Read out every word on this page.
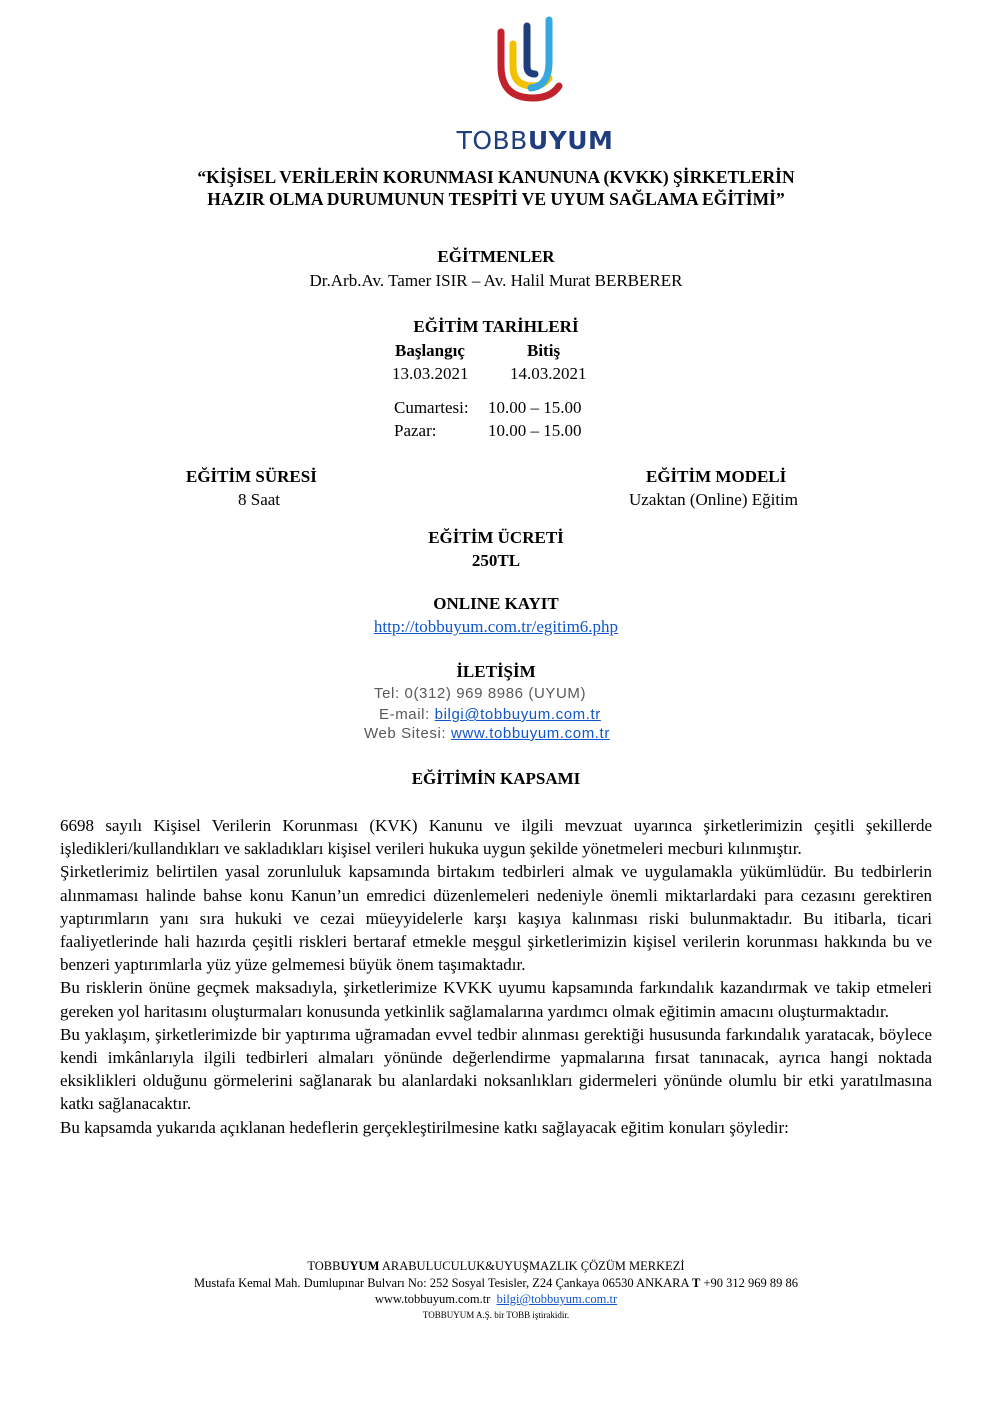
TOBBUYUM
“KİŞİSEL VERİLERİN KORUNMASI KANUNUNA (KVKK) ŞİRKETLERİN
HAZIR OLMA DURUMUNUN TESPİTİ VE UYUM SAĞLAMA EĞİTİMİ”
EĞİTMENLER
Dr.Arb.Av. Tamer ISIR – Av. Halil Murat BERBERER
EĞİTİM TARİHLERİ
Başlangıç	Bitiş
13.03.2021 14.03.2021
Cumartesi: 10.00 – 15.00
Pazar:	10.00 – 15.00
EĞİTİM SÜRESİ
8 Saat
EĞİTİM MODELİ
Uzaktan (Online) Eğitim
EĞİTİM ÜCRETİ
250TL
ONLINE KAYIT
http://tobbuyum.com.tr/egitim6.php
İLETİŞİM
Tel: 0(312) 969 8986 (UYUM)
E-mail: bilgi@tobbuyum.com.tr
Web Sitesi: www.tobbuyum.com.tr
EĞİTİMİN KAPSAMI

6698 sayılı Kişisel Verilerin Korunması (KVK) Kanunu ve ilgili mevzuat uyarınca şirketlerimizin çeşitli şekillerde işledikleri/kullandıkları ve sakladıkları kişisel verileri hukuka uygun şekilde yönetmeleri mecburi kılınmıştır.

Şirketlerimiz belirtilen yasal zorunluluk kapsamında birtakım tedbirleri almak ve uygulamakla yükümlüdür. Bu tedbirlerin alınmaması halinde bahse konu Kanun’un emredici düzenlemeleri nedeniyle önemli miktarlardaki para cezasını gerektiren yaptırımların yanı sıra hukuki ve cezai müeyyidelerle karşı kaşıya kalınması riski bulunmaktadır. Bu itibarla, ticari faaliyetlerinde hali hazırda çeşitli riskleri bertaraf etmekle meşgul şirketlerimizin kişisel verilerin korunması hakkında bu ve benzeri yaptırımlarla yüz yüze gelmemesi büyük önem taşımaktadır.

Bu risklerin önüne geçmek maksadıyla, şirketlerimize KVKK uyumu kapsamında farkındalık kazandırmak ve takip etmeleri gereken yol haritasını oluşturmaları konusunda yetkinlik sağlamalarına yardımcı olmak eğitimin amacını oluşturmaktadır.

Bu yaklaşım, şirketlerimizde bir yaptırıma uğramadan evvel tedbir alınması gerektiği hususunda farkındalık yaratacak, böylece kendi imkânlarıyla ilgili tedbirleri almaları yönünde değerlendirme yapmalarına fırsat tanınacak, ayrıca hangi noktada eksiklikleri olduğunu görmelerini sağlanarak bu alanlardaki noksanlıkları gidermeleri yönünde olumlu bir etki yaratılmasına katkı sağlanacaktır.

Bu kapsamda yukarıda açıklanan hedeflerin gerçekleştirilmesine katkı sağlayacak eğitim konuları şöyledir:

TOBBUYUM ARABULUCULUK&UYUŞMAZLIK ÇÖZÜM MERKEZİ
Mustafa Kemal Mah. Dumlupınar Bulvarı No: 252 Sosyal Tesisler, Z24 Çankaya 06530 ANKARA T +90 312 969 89 86
www.tobbuyum.com.tr bilgi@tobbuyum.com.tr
TOBBUYUM A.Ş. bir TOBB iştirakidir.
